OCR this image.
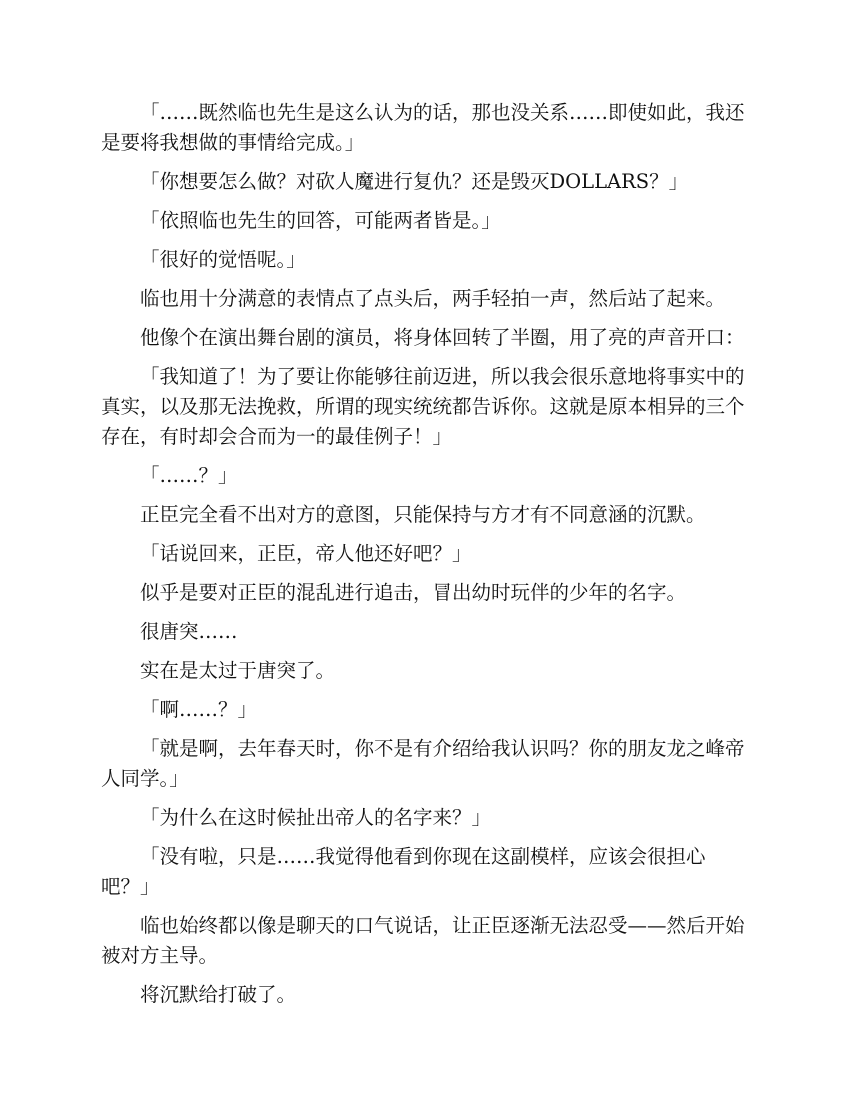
「……既然临也先生是这么认为的话，那也没关系……即使如此，我还是要将我想做的事情给完成。」

「你想要怎么做？对砍人魔进行复仇？还是毁灭DOLLARS？」

「依照临也先生的回答，可能两者皆是。」

「很好的觉悟呢。」

临也用十分满意的表情点了点头后，两手轻拍一声，然后站了起来。

他像个在演出舞台剧的演员，将身体回转了半圈，用了亮的声音开口：

「我知道了！为了要让你能够往前迈进，所以我会很乐意地将事实中的真实，以及那无法挽救，所谓的现实统统都告诉你。这就是原本相异的三个存在，有时却会合而为一的最佳例子！」

「……？」

正臣完全看不出对方的意图，只能保持与方才有不同意涵的沉默。

「话说回来，正臣，帝人他还好吧？」

似乎是要对正臣的混乱进行追击，冒出幼时玩伴的少年的名字。

很唐突……

实在是太过于唐突了。

「啊……？」

「就是啊，去年春天时，你不是有介绍给我认识吗？你的朋友龙之峰帝人同学。」

「为什么在这时候扯出帝人的名字来？」

「没有啦，只是……我觉得他看到你现在这副模样，应该会很担心吧？」

临也始终都以像是聊天的口气说话，让正臣逐渐无法忍受——然后开始被对方主导。

将沉默给打破了。
